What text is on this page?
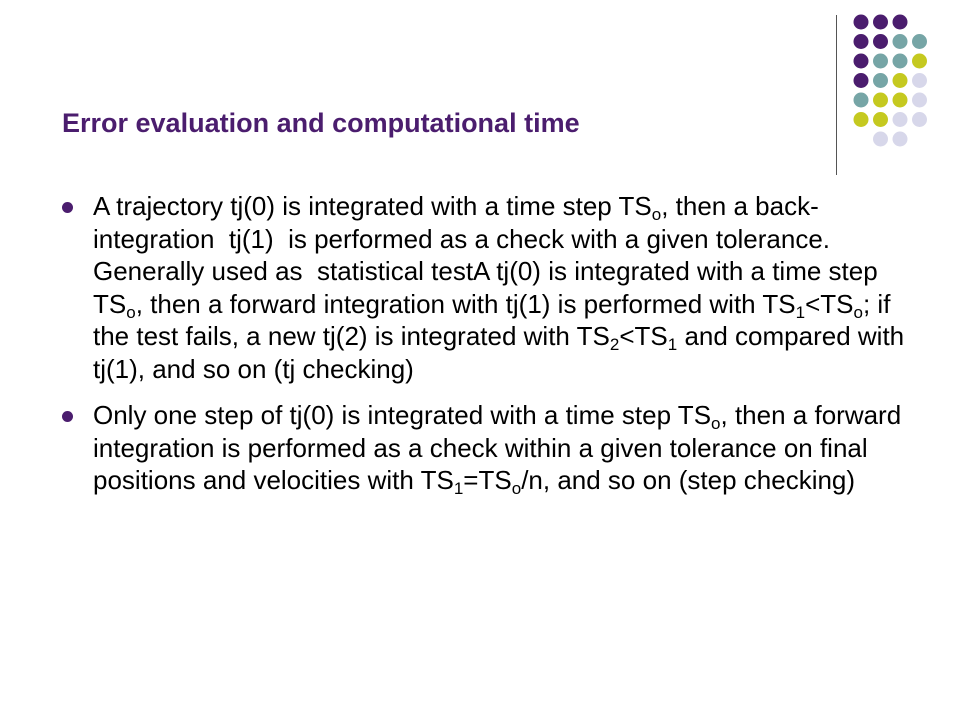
Error evaluation and computational time
A trajectory tj(0) is integrated with a time step $TS_o$, then a back-integration  tj(1)  is performed as a check with a given tolerance. Generally used as  statistical testA tj(0) is integrated with a time step $TS_o$, then a forward integration with tj(1) is performed with $TS_1<TS_o$; if the test fails, a new tj(2) is integrated with $TS_2<TS_1$ and compared with tj(1), and so on (tj checking)
Only one step of tj(0) is integrated with a time step $TS_o$, then a forward integration is performed as a check within a given tolerance on final positions and velocities with $TS_1=TS_o/n$, and so on (step checking)
